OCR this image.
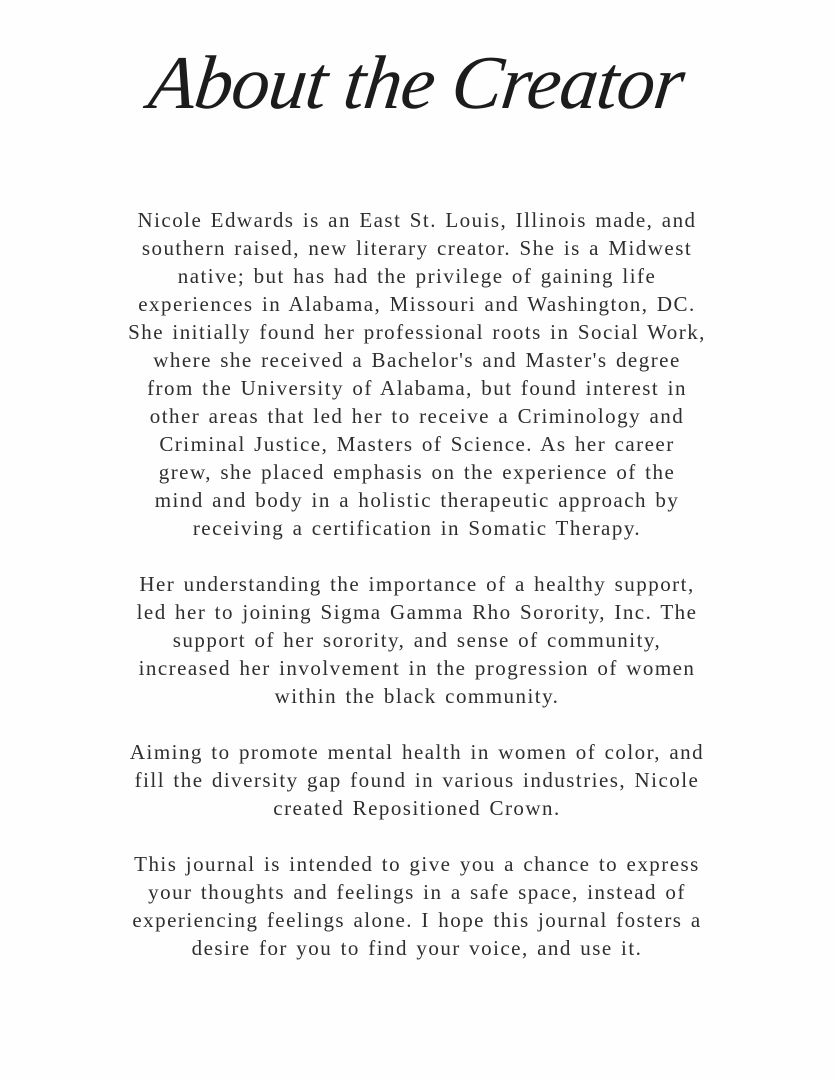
About the Creator

Nicole Edwards is an East St. Louis, Illinois made, and
southern raised, new literary creator. She is a Midwest
native; but has had the privilege of gaining life
experiences in Alabama, Missouri and Washington, DC.
She initially found her professional roots in Social Work,
where she received a Bachelor's and Master's degree
from the University of Alabama, but found interest in
other areas that led her to receive a Criminology and
Criminal Justice, Masters of Science. As her career
grew, she placed emphasis on the experience of the
mind and body in a holistic therapeutic approach by
receiving a certification in Somatic Therapy.

Her understanding the importance of a healthy support,
led her to joining Sigma Gamma Rho Sorority, Inc. The
support of her sorority, and sense of community,
increased her involvement in the progression of women
within the black community.

Aiming to promote mental health in women of color, and
fill the diversity gap found in various industries, Nicole
created Repositioned Crown.

This journal is intended to give you a chance to express
your thoughts and feelings in a safe space, instead of
experiencing feelings alone. I hope this journal fosters a
desire for you to find your voice, and use it.
